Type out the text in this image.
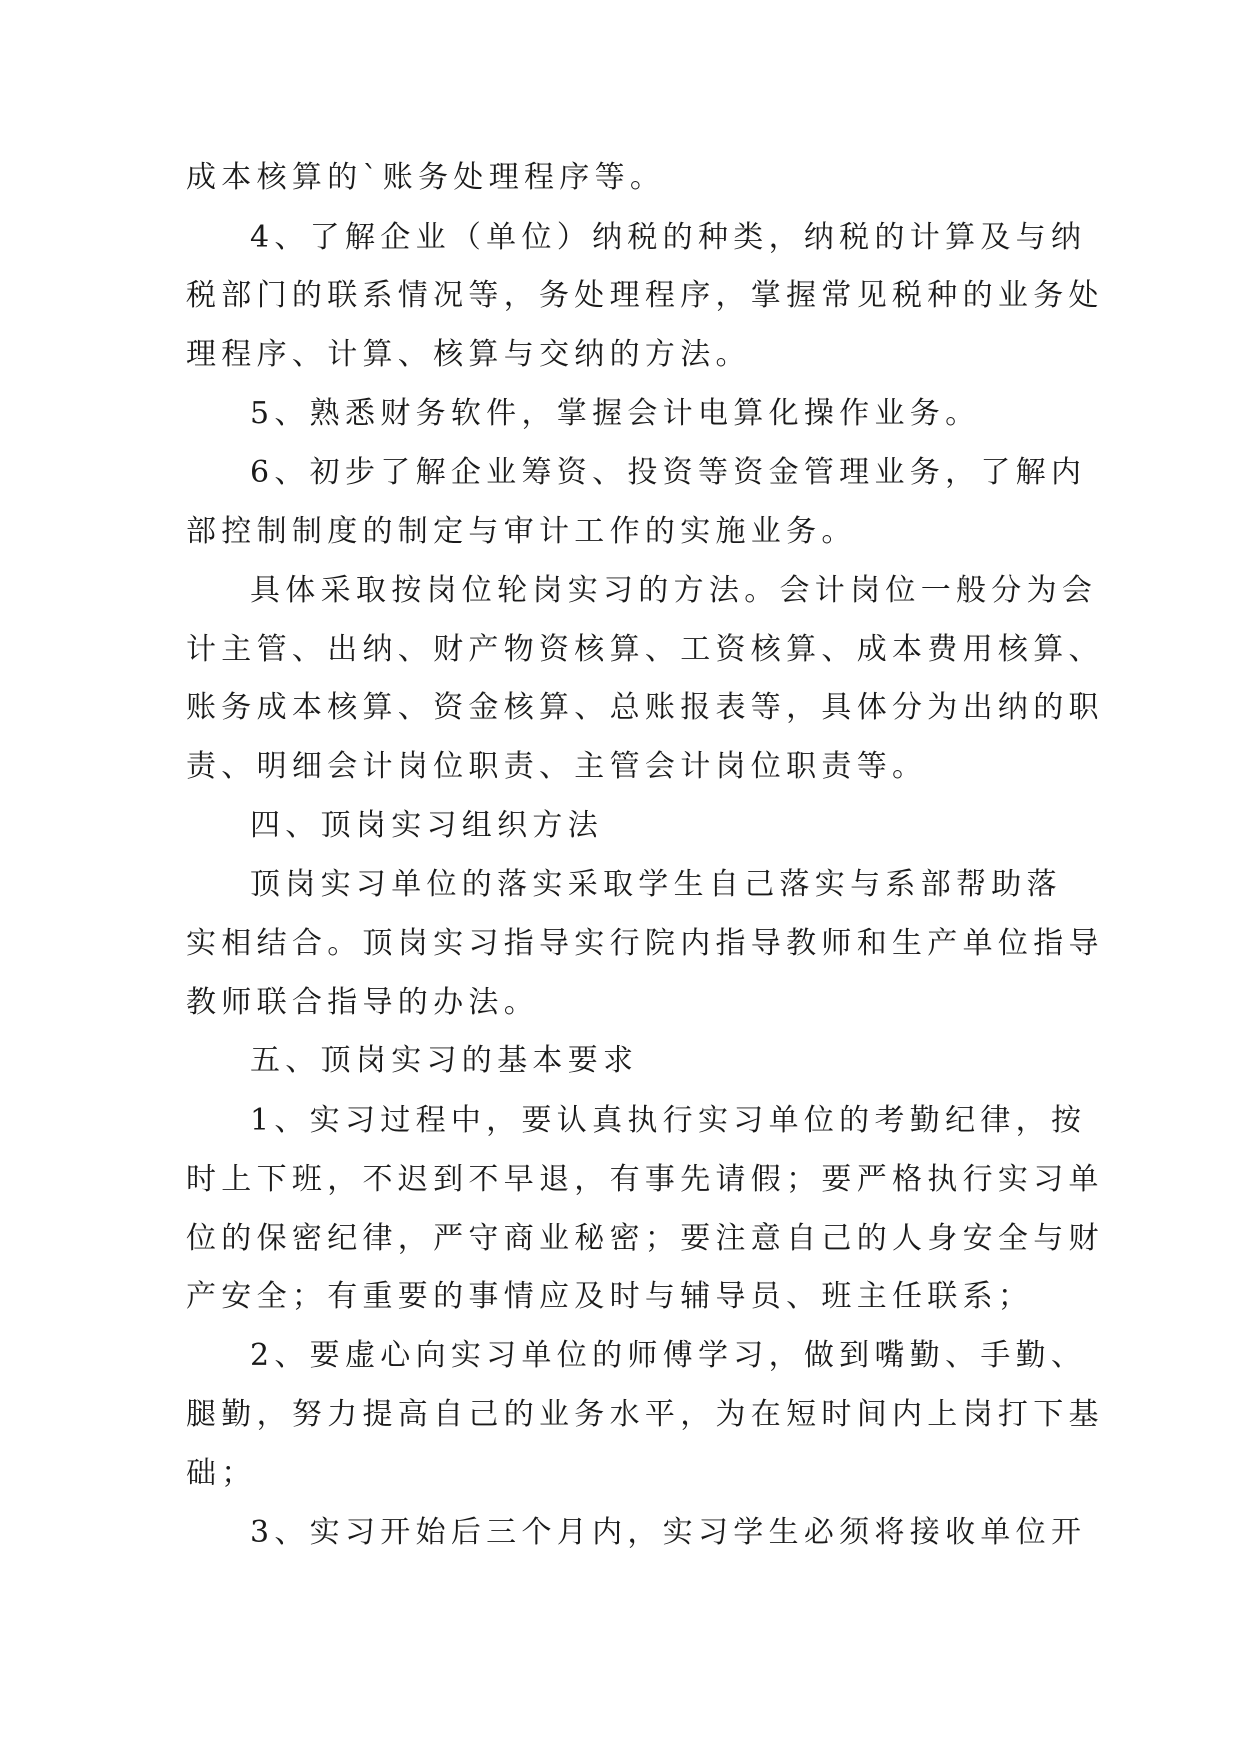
成本核算的`账务处理程序等。
4、了解企业（单位）纳税的种类，纳税的计算及与纳
税部门的联系情况等，务处理程序，掌握常见税种的业务处
理程序、计算、核算与交纳的方法。
5、熟悉财务软件，掌握会计电算化操作业务。
6、初步了解企业筹资、投资等资金管理业务，了解内
部控制制度的制定与审计工作的实施业务。
具体采取按岗位轮岗实习的方法。会计岗位一般分为会
计主管、出纳、财产物资核算、工资核算、成本费用核算、
账务成本核算、资金核算、总账报表等，具体分为出纳的职
责、明细会计岗位职责、主管会计岗位职责等。
四、顶岗实习组织方法
顶岗实习单位的落实采取学生自己落实与系部帮助落
实相结合。顶岗实习指导实行院内指导教师和生产单位指导
教师联合指导的办法。
五、顶岗实习的基本要求
1、实习过程中，要认真执行实习单位的考勤纪律，按
时上下班，不迟到不早退，有事先请假；要严格执行实习单
位的保密纪律，严守商业秘密；要注意自己的人身安全与财
产安全；有重要的事情应及时与辅导员、班主任联系；
2、要虚心向实习单位的师傅学习，做到嘴勤、手勤、
腿勤，努力提高自己的业务水平，为在短时间内上岗打下基
础；
3、实习开始后三个月内，实习学生必须将接收单位开
